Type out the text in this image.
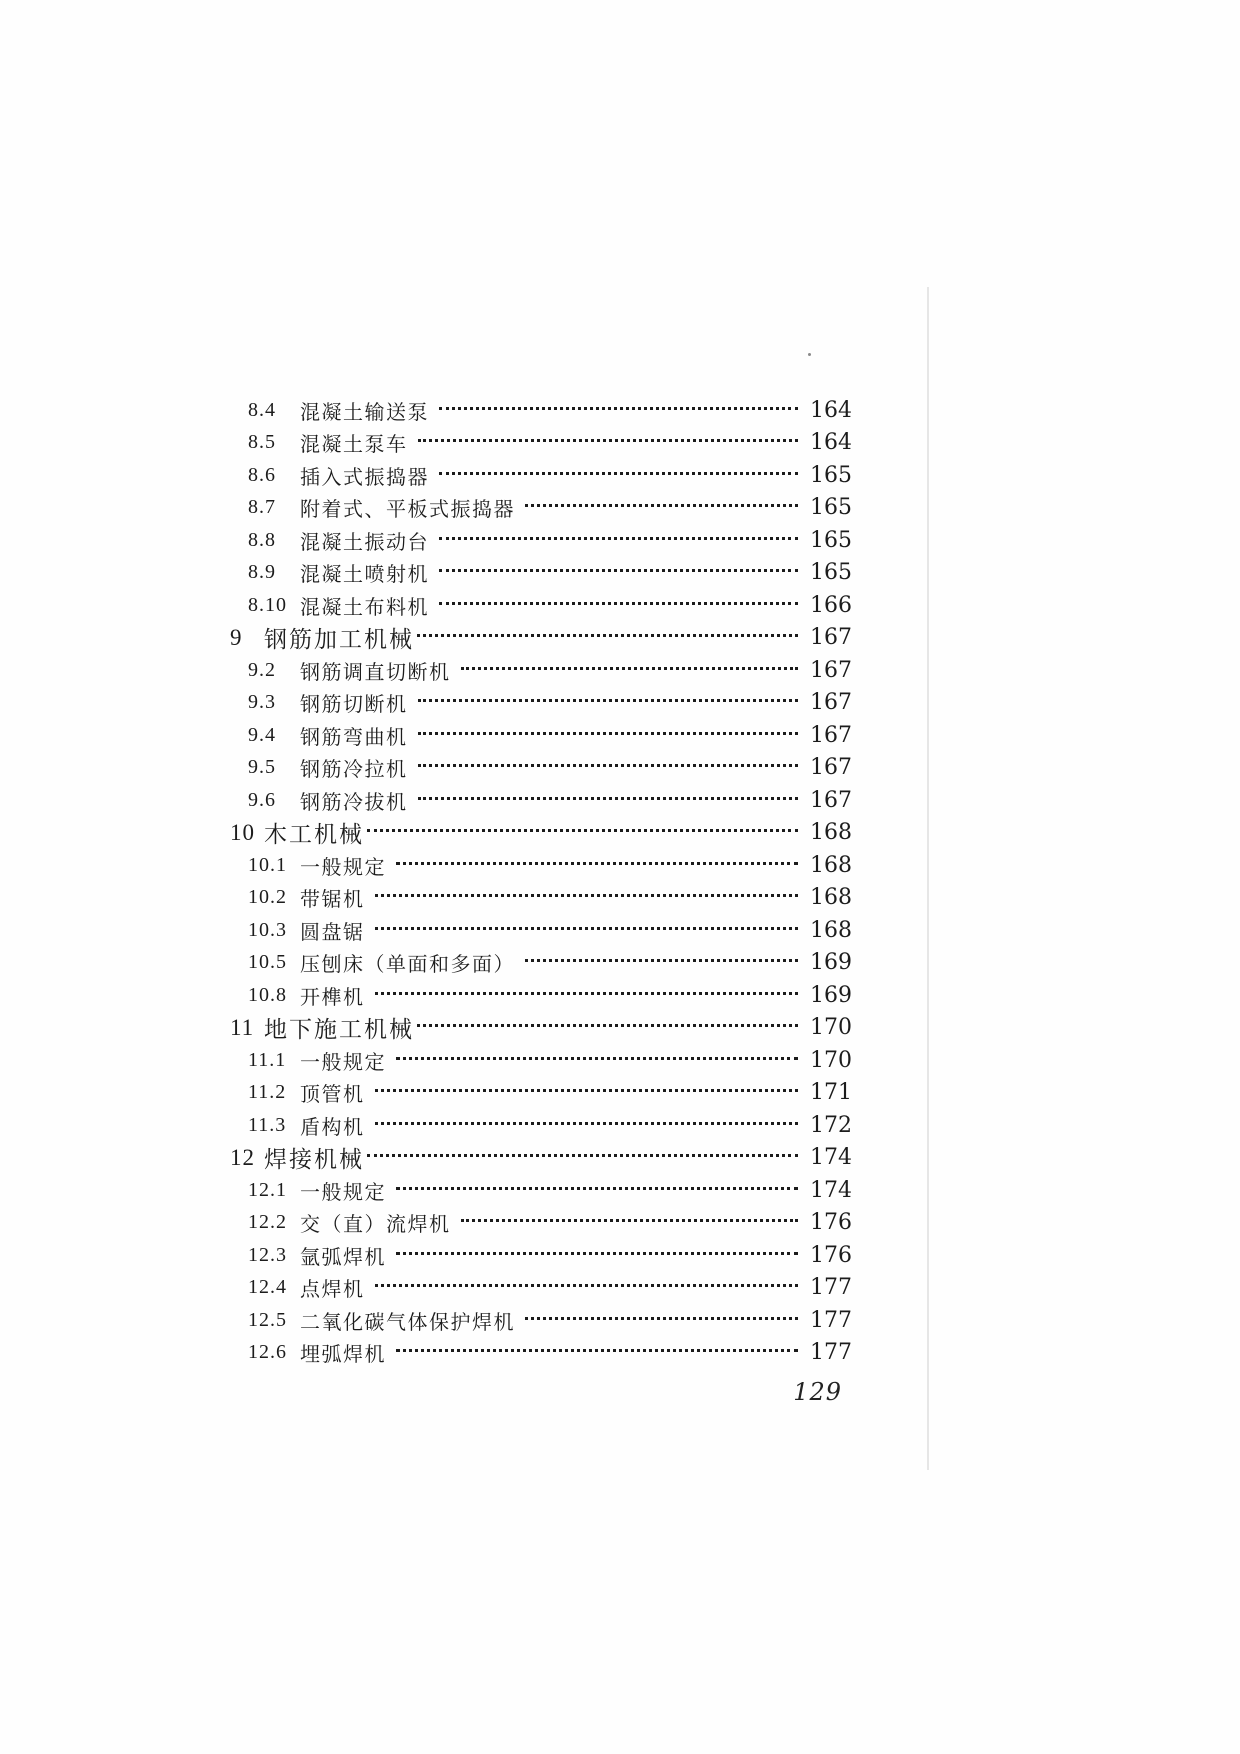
8.4	混凝土输送泵	164
8.5	混凝土泵车	164
8.6	插入式振捣器	165
8.7	附着式、平板式振捣器	165
8.8	混凝土振动台	165
8.9	混凝土喷射机	165
8.10 混凝土布料机	166
9 钢筋加工机械	167
9.2	钢筋调直切断机	167
9.3	钢筋切断机	167
9.4	钢筋弯曲机	167
9.5	钢筋冷拉机	167
9.6	钢筋冷拔机	167
10 木工机械	168
10.1 一般规定	168
10.2 带锯机	168
10.3 圆盘锯	168
10.5 压刨床（单面和多面）	169
10.8 开榫机	169
11 地下施工机械	170
11.1 一般规定	170
11.2 顶管机	171
11.3 盾构机	172
12 焊接机械	174
12.1 一般规定	174
12.2 交（直）流焊机	176
12.3 氩弧焊机	176
12.4 点焊机	177
12.5 二氧化碳气体保护焊机	177
12.6 埋弧焊机	177
129
